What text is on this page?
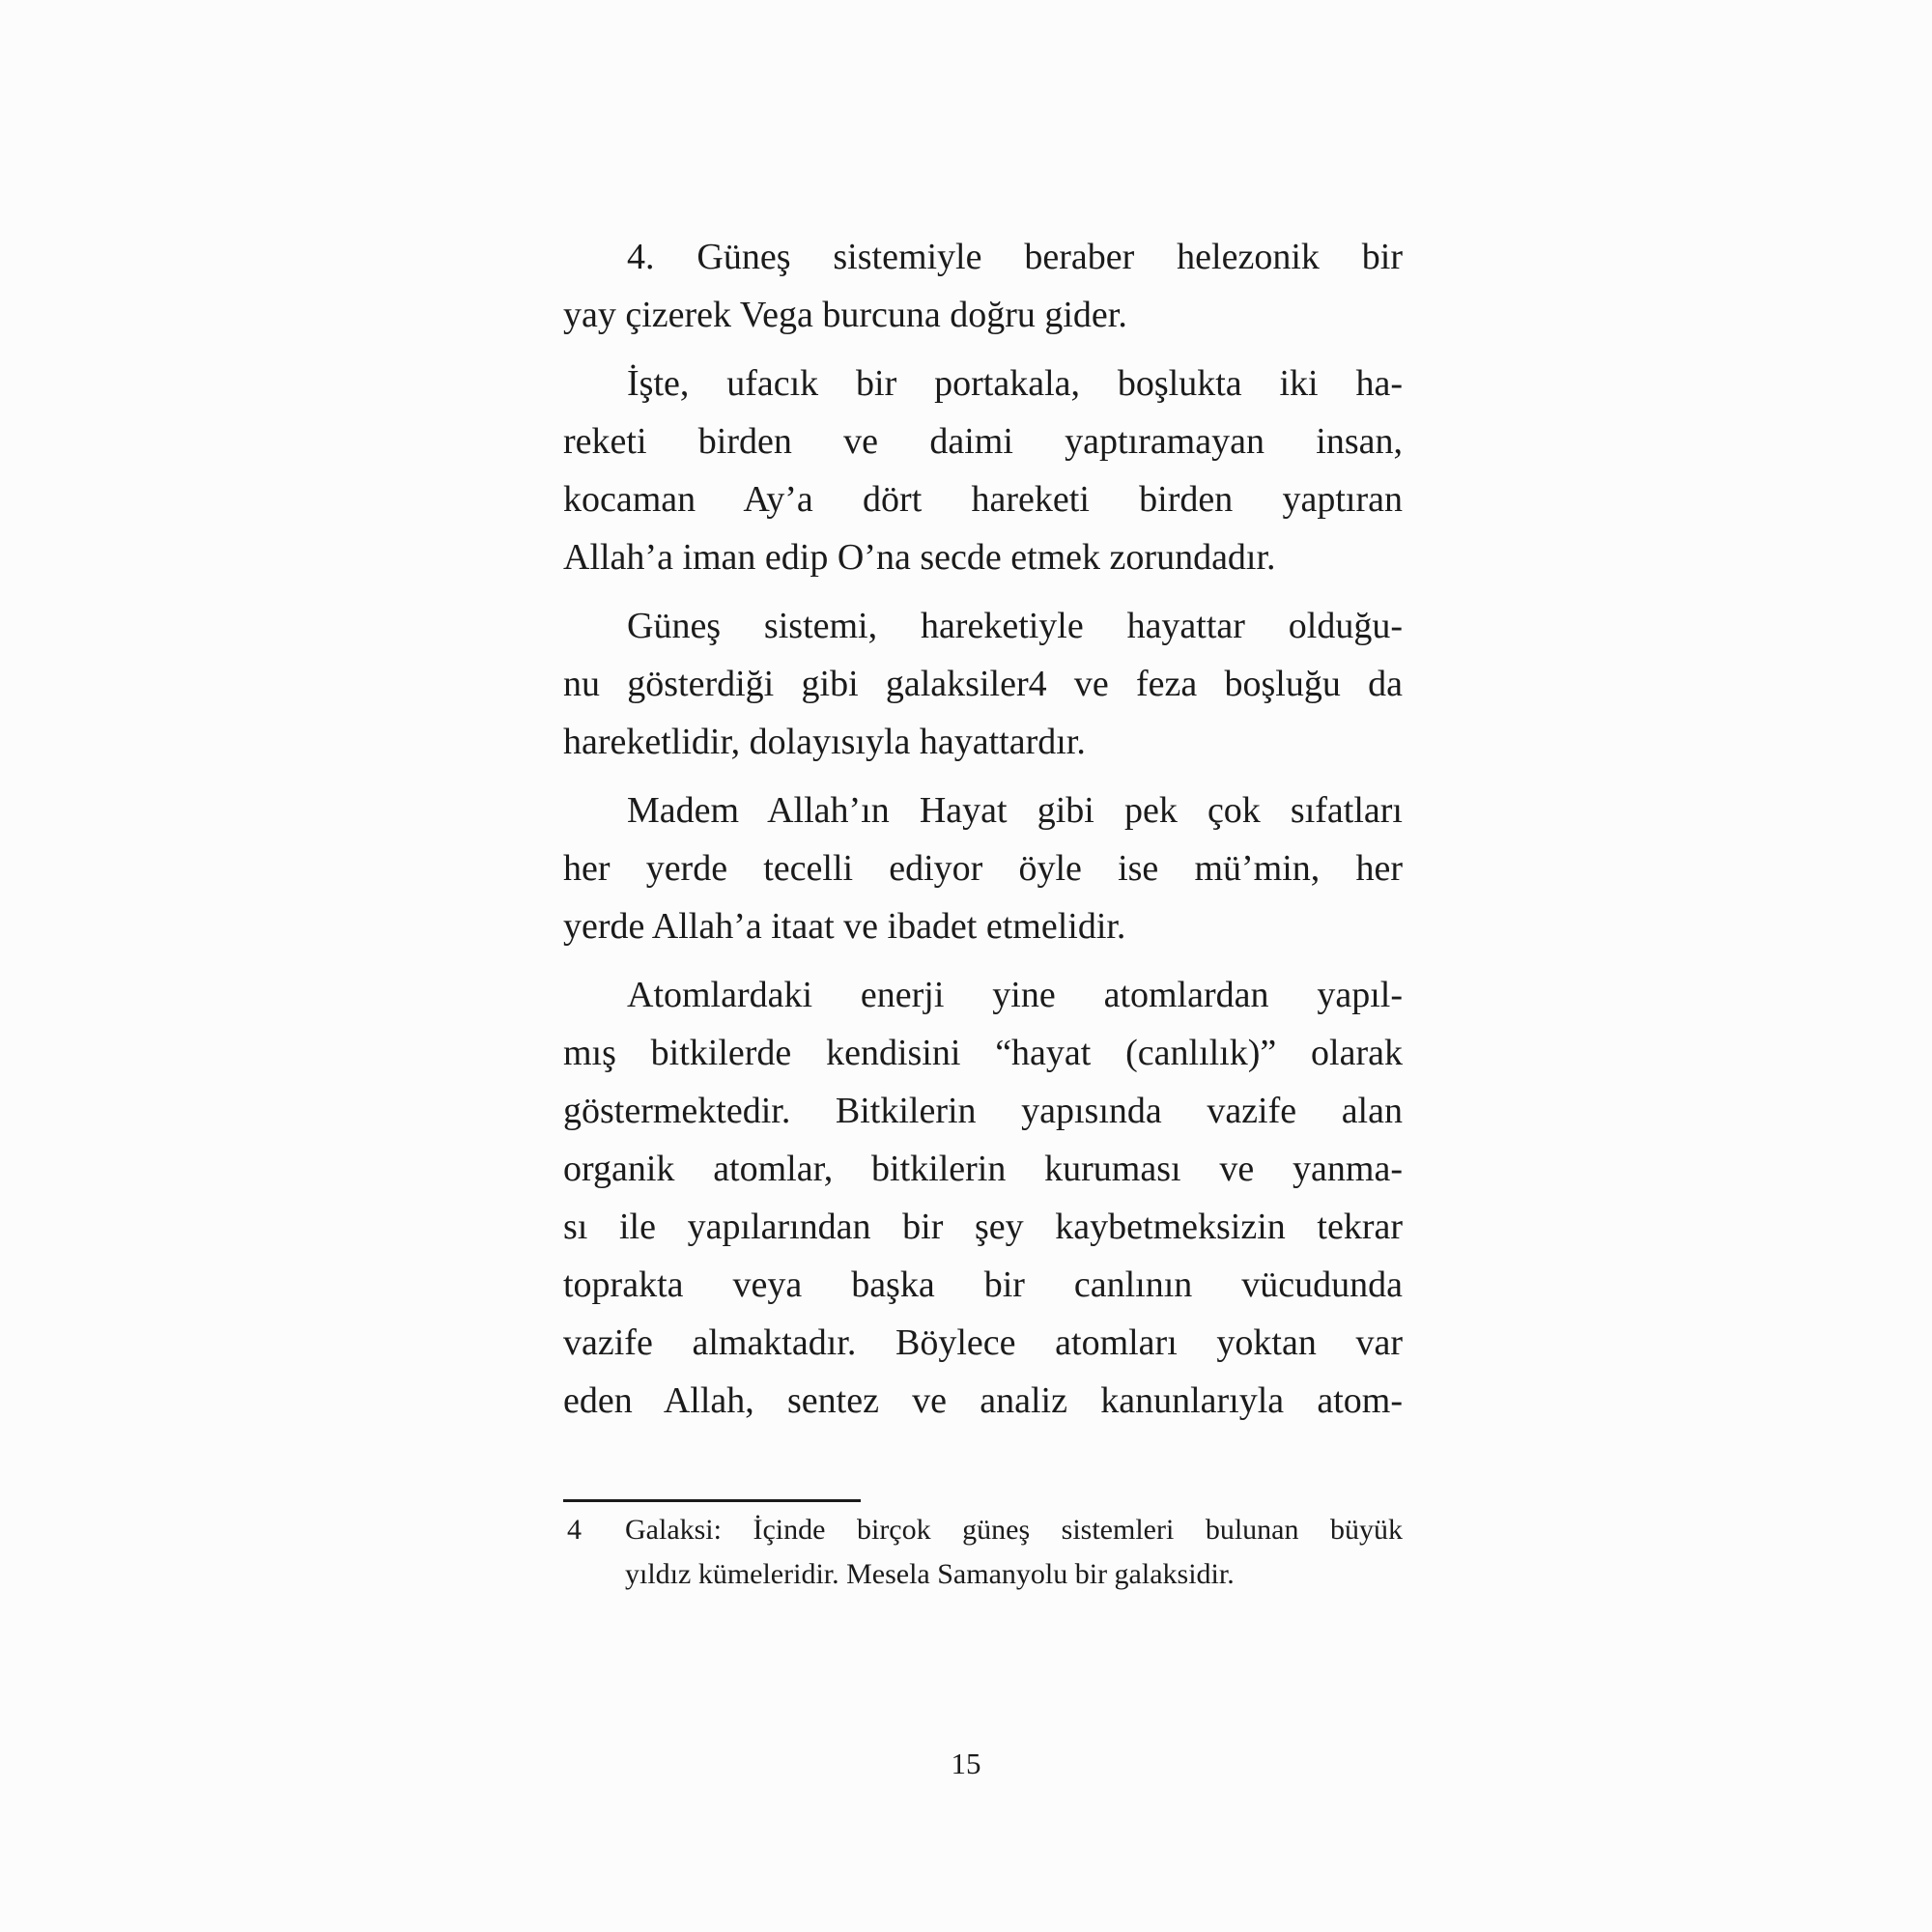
4. Güneş sistemiyle beraber helezonik bir
yay çizerek Vega burcuna doğru gider.
İşte, ufacık bir portakala, boşlukta iki ha-
reketi birden ve daimi yaptıramayan insan,
kocaman Ay’a dört hareketi birden yaptıran
Allah’a iman edip O’na secde etmek zorundadır.
Güneş sistemi, hareketiyle hayattar olduğu-
nu gösterdiği gibi galaksiler4 ve feza boşluğu da
hareketlidir, dolayısıyla hayattardır.
Madem Allah’ın Hayat gibi pek çok sıfatları
her yerde tecelli ediyor öyle ise mü’min, her
yerde Allah’a itaat ve ibadet etmelidir.
Atomlardaki enerji yine atomlardan yapıl-
mış bitkilerde kendisini “hayat (canlılık)” olarak
göstermektedir. Bitkilerin yapısında vazife alan
organik atomlar, bitkilerin kuruması ve yanma-
sı ile yapılarından bir şey kaybetmeksizin tekrar
toprakta veya başka bir canlının vücudunda
vazife almaktadır. Böylece atomları yoktan var
eden Allah, sentez ve analiz kanunlarıyla atom-
4	Galaksi: İçinde birçok güneş sistemleri bulunan büyük
yıldız kümeleridir. Mesela Samanyolu bir galaksidir.
15
